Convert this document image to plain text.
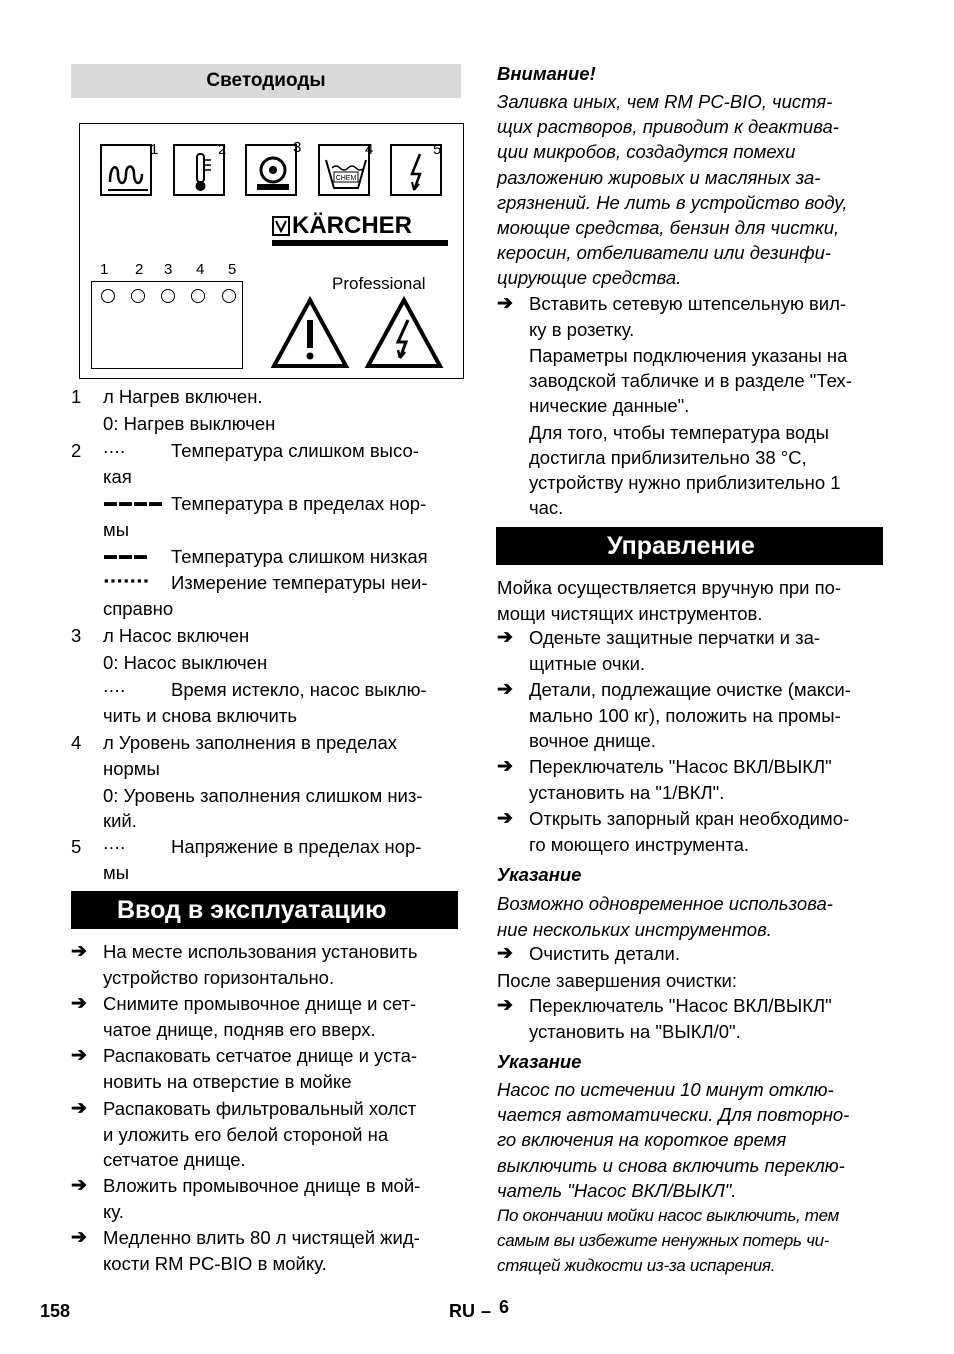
Светодиоды
1	2	3
CHEM
4	5
KÄRCHER
1 2 3 4 5
Professional
1 л Нагрев включен.
0: Нагрев выключен
2 .... Температура слишком высо-
кая
▬▬▬▬ Температура в пределах нор-
мы
▬▬▬ Температура слишком низкая
▪▪▪▪▪▪▪ Измерение температуры неи-
справно
3 л Насос включен
0: Насос выключен
.... Время истекло, насос выклю-
чить и снова включить
4 л Уровень заполнения в пределах
нормы
0: Уровень заполнения слишком низ-
кий.
5 .... Напряжение в пределах нор-
мы
Ввод в эксплуатацию
➔ На месте использования установить
устройство горизонтально.
➔ Снимите промывочное днище и сет-
чатое днище, подняв его вверх.
➔ Распаковать сетчатое днище и уста-
новить на отверстие в мойке
➔ Распаковать фильтровальный холст
и уложить его белой стороной на
сетчатое днище.
➔ Вложить промывочное днище в мой-
ку.
➔ Медленно влить 80 л чистящей жид-
кости RM PC-BIO в мойку.
Внимание!
Заливка иных, чем RM PC-BIO, чистя-
щих растворов, приводит к деактива-
ции микробов, создадутся помехи
разложению жировых и масляных за-
грязнений. Не лить в устройство воду,
моющие средства, бензин для чистки,
керосин, отбеливатели или дезинфи-
цирующие средства.
➔ Вставить сетевую штепсельную вил-
ку в розетку.
Параметры подключения указаны на
заводской табличке и в разделе "Тех-
нические данные".
Для того, чтобы температура воды
достигла приблизительно 38 °C,
устройству нужно приблизительно 1
час.
Управление
Мойка осуществляется вручную при по-
мощи чистящих инструментов.
➔ Оденьте защитные перчатки и за-
щитные очки.
➔ Детали, подлежащие очистке (макси-
мально 100 кг), положить на промы-
вочное днище.
➔ Переключатель "Насос ВКЛ/ВЫКЛ"
установить на "1/ВКЛ".
➔ Открыть запорный кран необходимо-
го моющего инструмента.
Указание
Возможно одновременное использова-
ние нескольких инструментов.
➔ Очистить детали.
После завершения очистки:
➔ Переключатель "Насос ВКЛ/ВЫКЛ"
установить на "ВЫКЛ/0".
Указание
Насос по истечении 10 минут отклю-
чается автоматически. Для повторно-
го включения на короткое время
выключить и снова включить переклю-
чатель "Насос ВКЛ/ВЫКЛ".
По окончании мойки насос выключить, тем
самым вы избежите ненужных потерь чи-
стящей жидкости из-за испарения.
158	RU – 6
